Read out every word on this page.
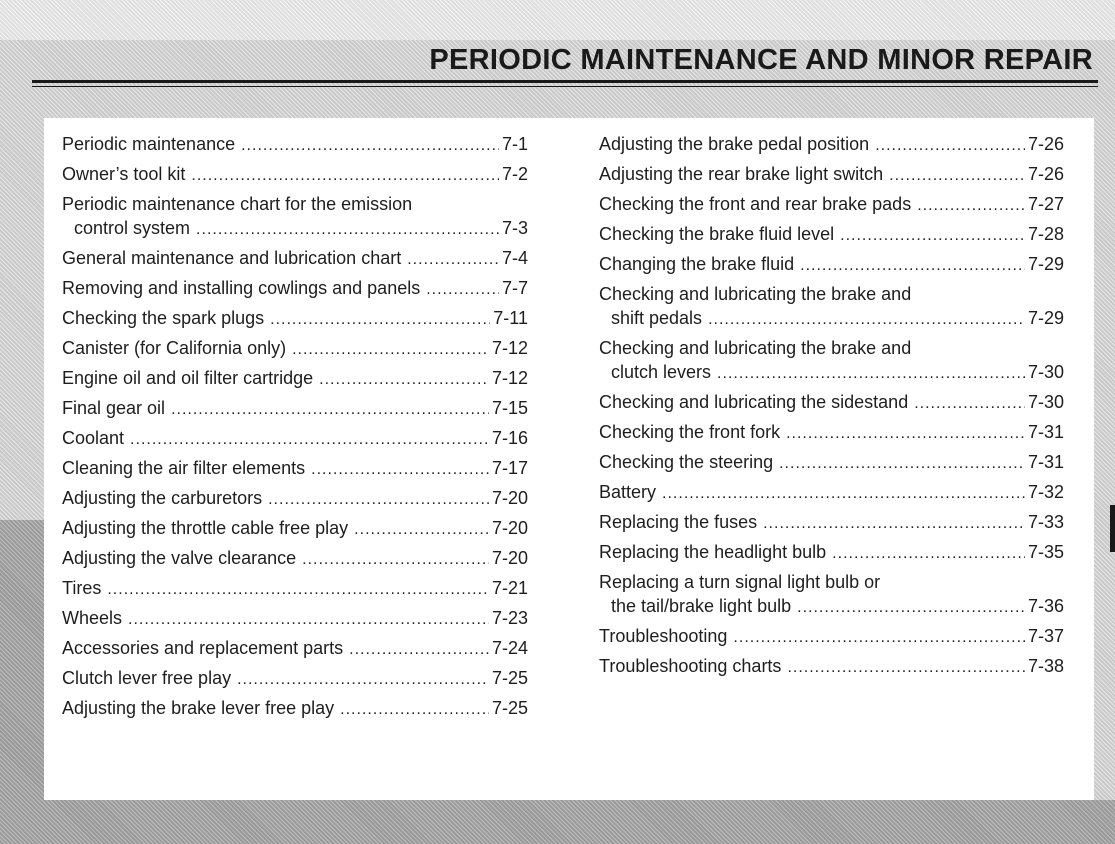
PERIODIC MAINTENANCE AND MINOR REPAIR
Periodic maintenance .....	7-1
Owner’s tool kit .....	7-2
Periodic maintenance chart for the emission
control system .....	7-3
General maintenance and lubrication chart .....	7-4
Removing and installing cowlings and panels .....	7-7
Checking the spark plugs .....	7-11
Canister (for California only) .....	7-12
Engine oil and oil filter cartridge .....	7-12
Final gear oil .....	7-15
Coolant .....	7-16
Cleaning the air filter elements .....	7-17
Adjusting the carburetors .....	7-20
Adjusting the throttle cable free play .....	7-20
Adjusting the valve clearance .....	7-20
Tires .....	7-21
Wheels .....	7-23
Accessories and replacement parts .....	7-24
Clutch lever free play .....	7-25
Adjusting the brake lever free play .....	7-25
Adjusting the brake pedal position .....	7-26
Adjusting the rear brake light switch .....	7-26
Checking the front and rear brake pads .....	7-27
Checking the brake fluid level .....	7-28
Changing the brake fluid .....	7-29
Checking and lubricating the brake and
shift pedals .....	7-29
Checking and lubricating the brake and
clutch levers .....	7-30
Checking and lubricating the sidestand .....	7-30
Checking the front fork .....	7-31
Checking the steering .....	7-31
Battery .....	7-32
Replacing the fuses .....	7-33
Replacing the headlight bulb .....	7-35
Replacing a turn signal light bulb or
the tail/brake light bulb .....	7-36
Troubleshooting .....	7-37
Troubleshooting charts .....	7-38
